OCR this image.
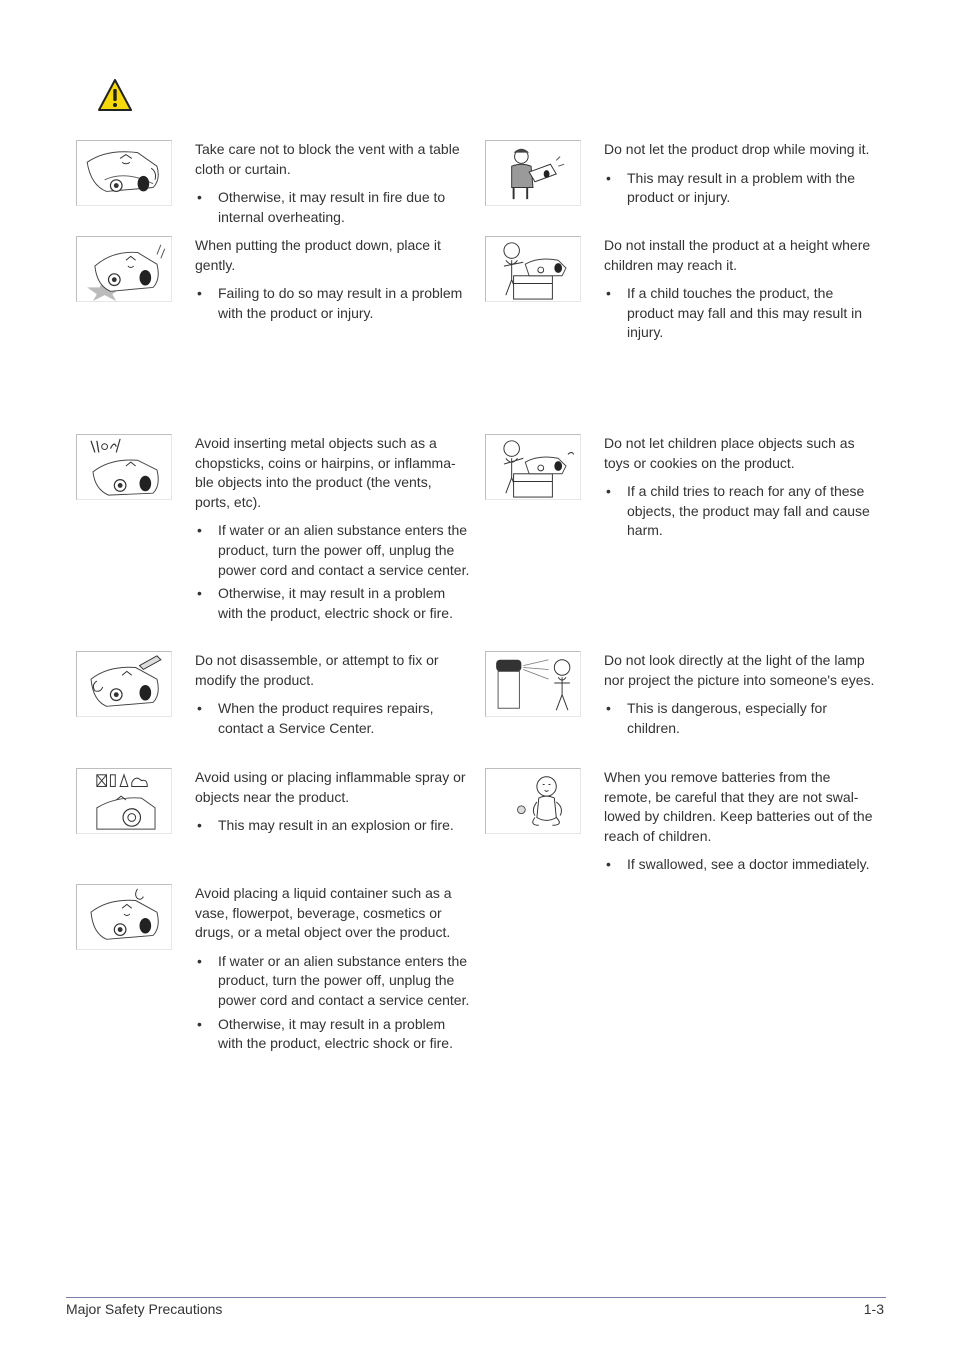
Take care not to block the vent with a table cloth or curtain.

• Otherwise, it may result in fire due to internal overheating.

When putting the product down, place it gently.

• Failing to do so may result in a problem with the product or injury.

Avoid inserting metal objects such as a chopsticks, coins or hairpins, or inflamma-ble objects into the product (the vents, ports, etc).

• If water or an alien substance enters the product, turn the power off, unplug the power cord and contact a service center.
• Otherwise, it may result in a problem with the product, electric shock or fire.

Do not disassemble, or attempt to fix or modify the product.

• When the product requires repairs, contact a Service Center.

Avoid using or placing inflammable spray or objects near the product.

• This may result in an explosion or fire.

Avoid placing a liquid container such as a vase, flowerpot, beverage, cosmetics or drugs, or a metal object over the product.

• If water or an alien substance enters the product, turn the power off, unplug the power cord and contact a service center.
• Otherwise, it may result in a problem with the product, electric shock or fire.

Do not let the product drop while moving it.

• This may result in a problem with the product or injury.

Do not install the product at a height where children may reach it.

• If a child touches the product, the product may fall and this may result in injury.

Do not let children place objects such as toys or cookies on the product.

• If a child tries to reach for any of these objects, the product may fall and cause harm.

Do not look directly at the light of the lamp nor project the picture into someone's eyes.

• This is dangerous, especially for children.

When you remove batteries from the remote, be careful that they are not swal-lowed by children. Keep batteries out of the reach of children.

• If swallowed, see a doctor immediately.
Major Safety Precautions	1-3
